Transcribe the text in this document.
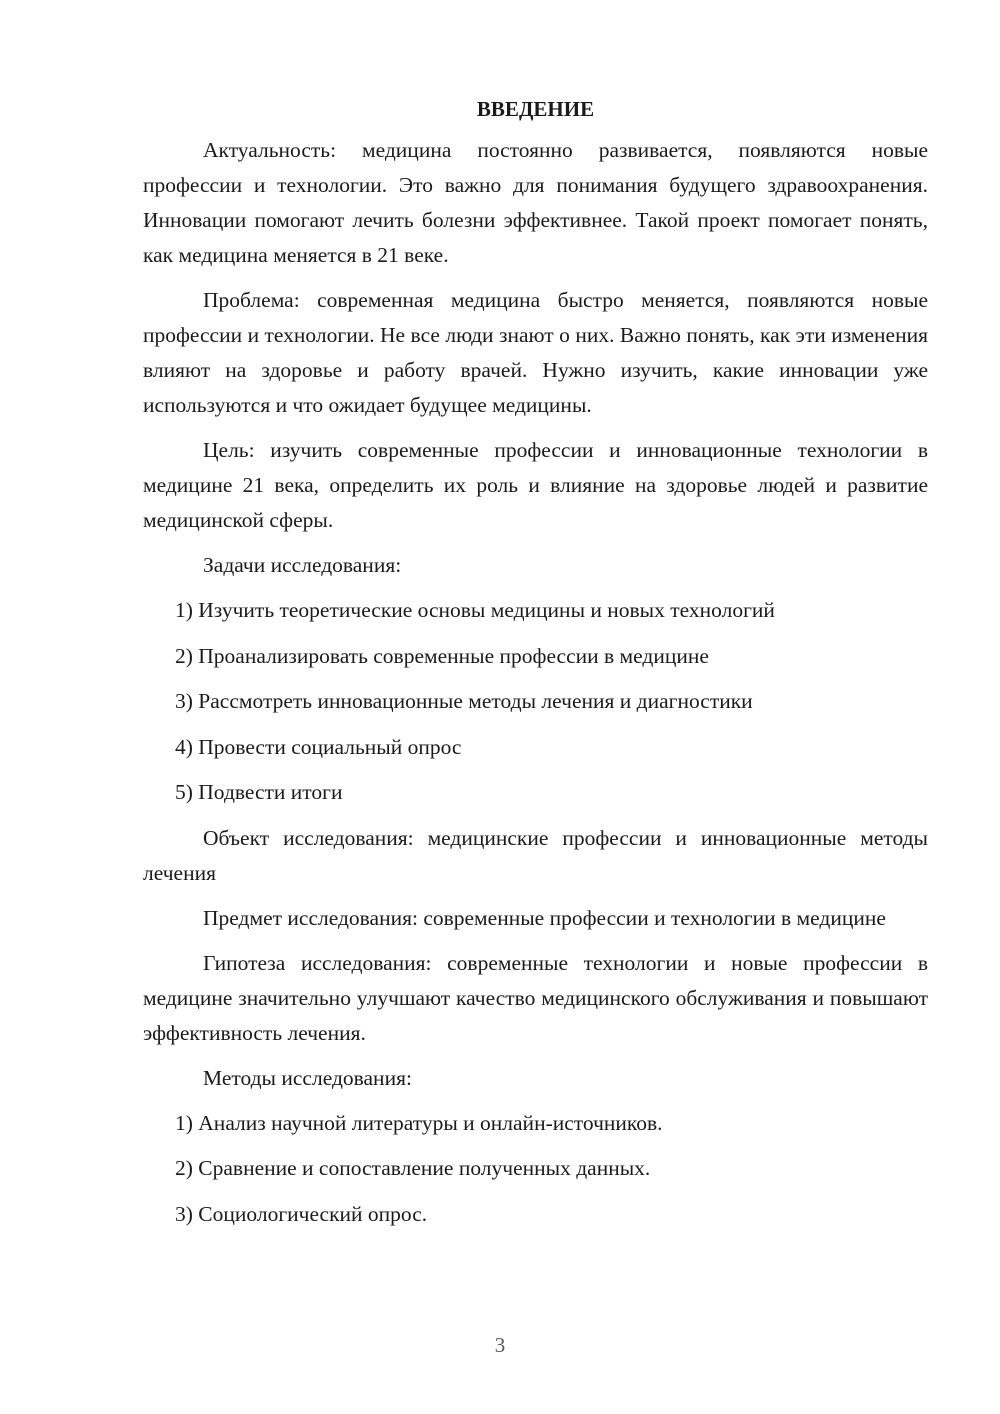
ВВЕДЕНИЕ

Актуальность: медицина постоянно развивается, появляются новые профессии и технологии. Это важно для понимания будущего здравоохранения. Инновации помогают лечить болезни эффективнее. Такой проект помогает понять, как медицина меняется в 21 веке.

Проблема: современная медицина быстро меняется, появляются новые профессии и технологии. Не все люди знают о них. Важно понять, как эти изменения влияют на здоровье и работу врачей. Нужно изучить, какие инновации уже используются и что ожидает будущее медицины.

Цель: изучить современные профессии и инновационные технологии в медицине 21 века, определить их роль и влияние на здоровье людей и развитие медицинской сферы.

Задачи исследования:

1) Изучить теоретические основы медицины и новых технологий
2) Проанализировать современные профессии в медицине
3) Рассмотреть инновационные методы лечения и диагностики
4) Провести социальный опрос
5) Подвести итоги

Объект исследования: медицинские профессии и инновационные методы лечения

Предмет исследования: современные профессии и технологии в медицине

Гипотеза исследования: современные технологии и новые профессии в медицине значительно улучшают качество медицинского обслуживания и повышают эффективность лечения.

Методы исследования:

1) Анализ научной литературы и онлайн-источников.
2) Сравнение и сопоставление полученных данных.
3) Социологический опрос.
3
